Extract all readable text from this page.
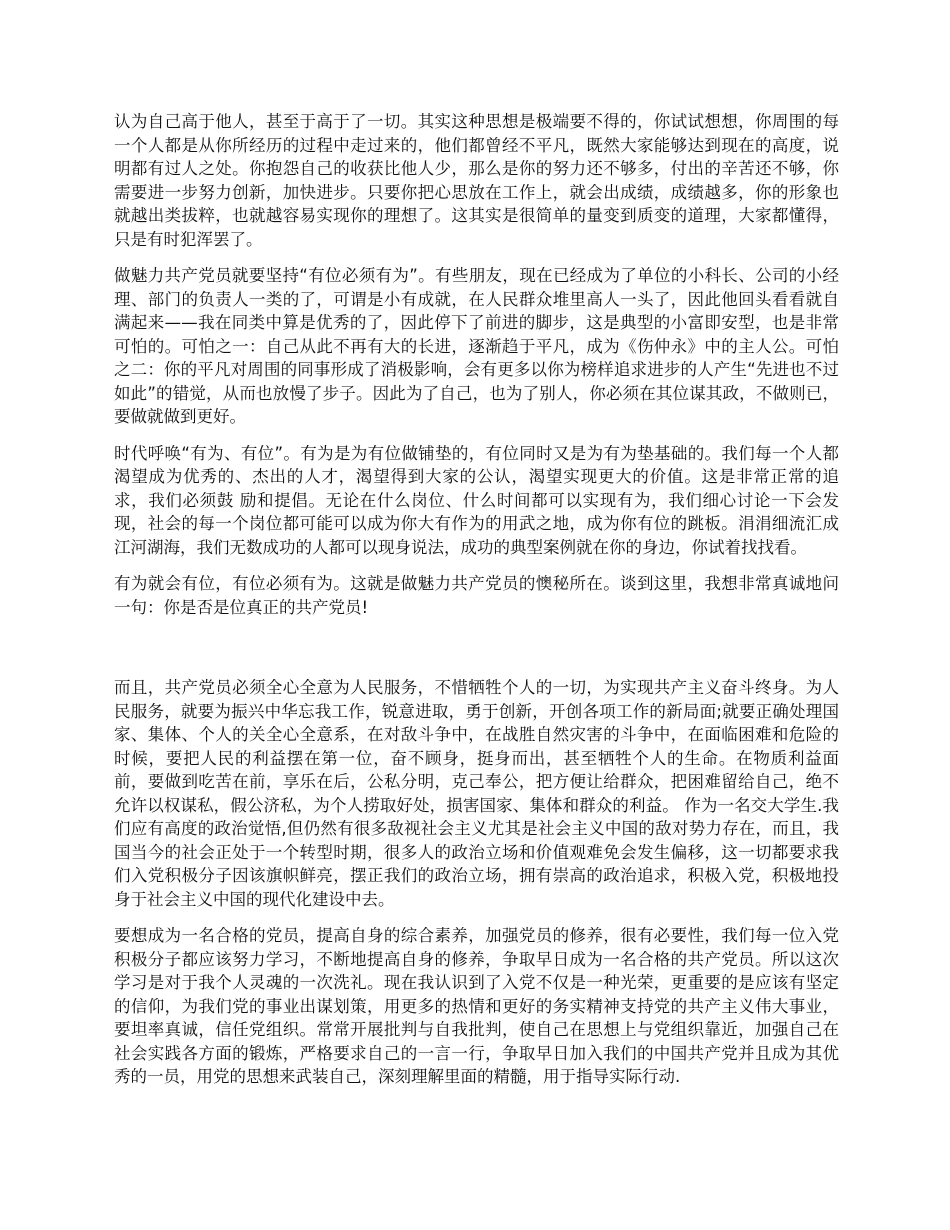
认为自己高于他人，甚至于高于了一切。其实这种思想是极端要不得的，你试试想想，你周围的每一个人都是从你所经历的过程中走过来的，他们都曾经不平凡，既然大家能够达到现在的高度，说明都有过人之处。你抱怨自己的收获比他人少，那么是你的努力还不够多，付出的辛苦还不够，你需要进一步努力创新，加快进步。只要你把心思放在工作上，就会出成绩，成绩越多，你的形象也就越出类拔粹，也就越容易实现你的理想了。这其实是很简单的量变到质变的道理，大家都懂得，只是有时犯浑罢了。

做魅力共产党员就要坚持“有位必须有为”。有些朋友，现在已经成为了单位的小科长、公司的小经理、部门的负责人一类的了，可谓是小有成就，在人民群众堆里高人一头了，因此他回头看看就自满起来——我在同类中算是优秀的了，因此停下了前进的脚步，这是典型的小富即安型，也是非常可怕的。可怕之一：自己从此不再有大的长进，逐渐趋于平凡，成为《伤仲永》中的主人公。可怕之二：你的平凡对周围的同事形成了消极影响，会有更多以你为榜样追求进步的人产生“先进也不过如此”的错觉，从而也放慢了步子。因此为了自己，也为了别人，你必须在其位谋其政，不做则已，要做就做到更好。

时代呼唤“有为、有位”。有为是为有位做铺垫的，有位同时又是为有为垫基础的。我们每一个人都渴望成为优秀的、杰出的人才，渴望得到大家的公认，渴望实现更大的价值。这是非常正常的追求，我们必须鼓 励和提倡。无论在什么岗位、什么时间都可以实现有为，我们细心讨论一下会发现，社会的每一个岗位都可能可以成为你大有作为的用武之地，成为你有位的跳板。涓涓细流汇成江河湖海，我们无数成功的人都可以现身说法，成功的典型案例就在你的身边，你试着找找看。

有为就会有位，有位必须有为。这就是做魅力共产党员的懊秘所在。谈到这里，我想非常真诚地问一句：你是否是位真正的共产党员!

而且，共产党员必须全心全意为人民服务，不惜牺牲个人的一切，为实现共产主义奋斗终身。为人民服务，就要为振兴中华忘我工作，锐意进取，勇于创新，开创各项工作的新局面;就要正确处理国家、集体、个人的关全心全意系，在对敌斗争中，在战胜自然灾害的斗争中，在面临困难和危险的时候，要把人民的利益摆在第一位，奋不顾身，挺身而出，甚至牺牲个人的生命。在物质利益面前，要做到吃苦在前，享乐在后，公私分明，克己奉公，把方便让给群众，把困难留给自己，绝不允许以权谋私，假公济私，为个人捞取好处，损害国家、集体和群众的利益。 作为一名交大学生.我们应有高度的政治觉悟,但仍然有很多敌视社会主义尤其是社会主义中国的敌对势力存在，而且，我国当今的社会正处于一个转型时期，很多人的政治立场和价值观难免会发生偏移，这一切都要求我们入党积极分子因该旗帜鲜亮，摆正我们的政治立场，拥有崇高的政治追求，积极入党，积极地投身于社会主义中国的现代化建设中去。

要想成为一名合格的党员，提高自身的综合素养，加强党员的修养，很有必要性，我们每一位入党积极分子都应该努力学习，不断地提高自身的修养，争取早日成为一名合格的共产党员。所以这次学习是对于我个人灵魂的一次洗礼。现在我认识到了入党不仅是一种光荣，更重要的是应该有坚定的信仰，为我们党的事业出谋划策，用更多的热情和更好的务实精神支持党的共产主义伟大事业，要坦率真诚，信任党组织。常常开展批判与自我批判，使自己在思想上与党组织靠近，加强自己在社会实践各方面的锻炼，严格要求自己的一言一行，争取早日加入我们的中国共产党并且成为其优秀的一员，用党的思想来武装自己，深刻理解里面的精髓，用于指导实际行动.
